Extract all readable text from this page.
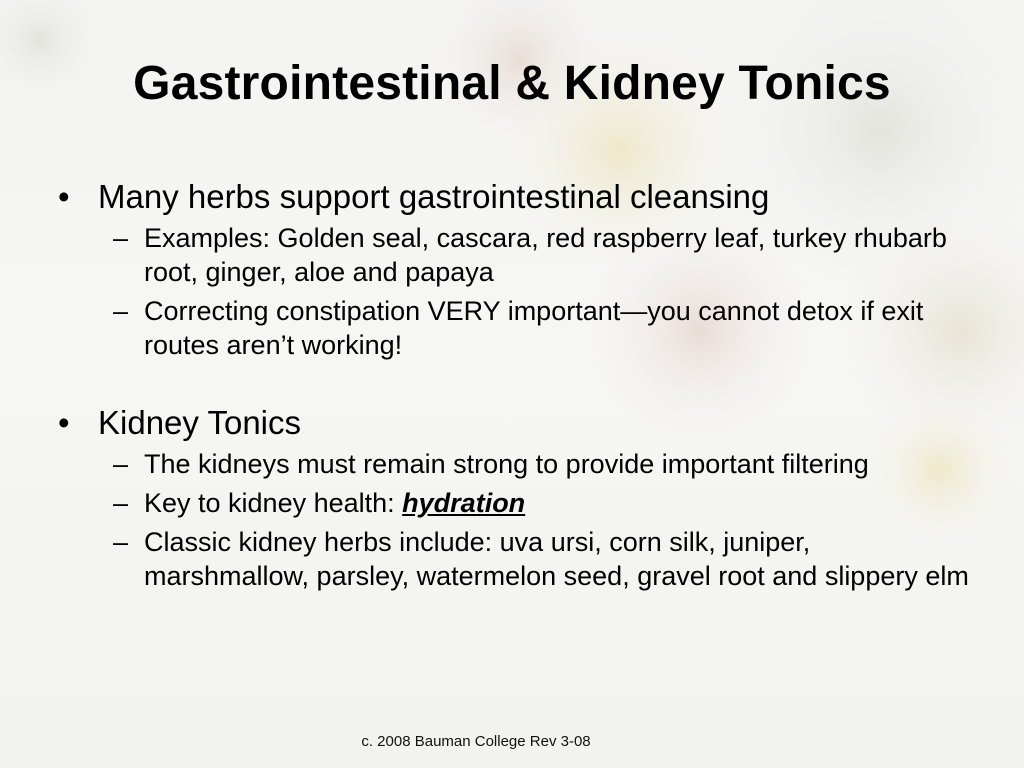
Gastrointestinal & Kidney Tonics
• Many herbs support gastrointestinal cleansing
– Examples: Golden seal, cascara, red raspberry leaf, turkey rhubarb root, ginger, aloe and papaya
– Correcting constipation VERY important—you cannot detox if exit routes aren’t working!
• Kidney Tonics
– The kidneys must remain strong to provide important filtering
– Key to kidney health: hydration
– Classic kidney herbs include: uva ursi, corn silk, juniper, marshmallow, parsley, watermelon seed, gravel root and slippery elm
c. 2008 Bauman College Rev 3-08
